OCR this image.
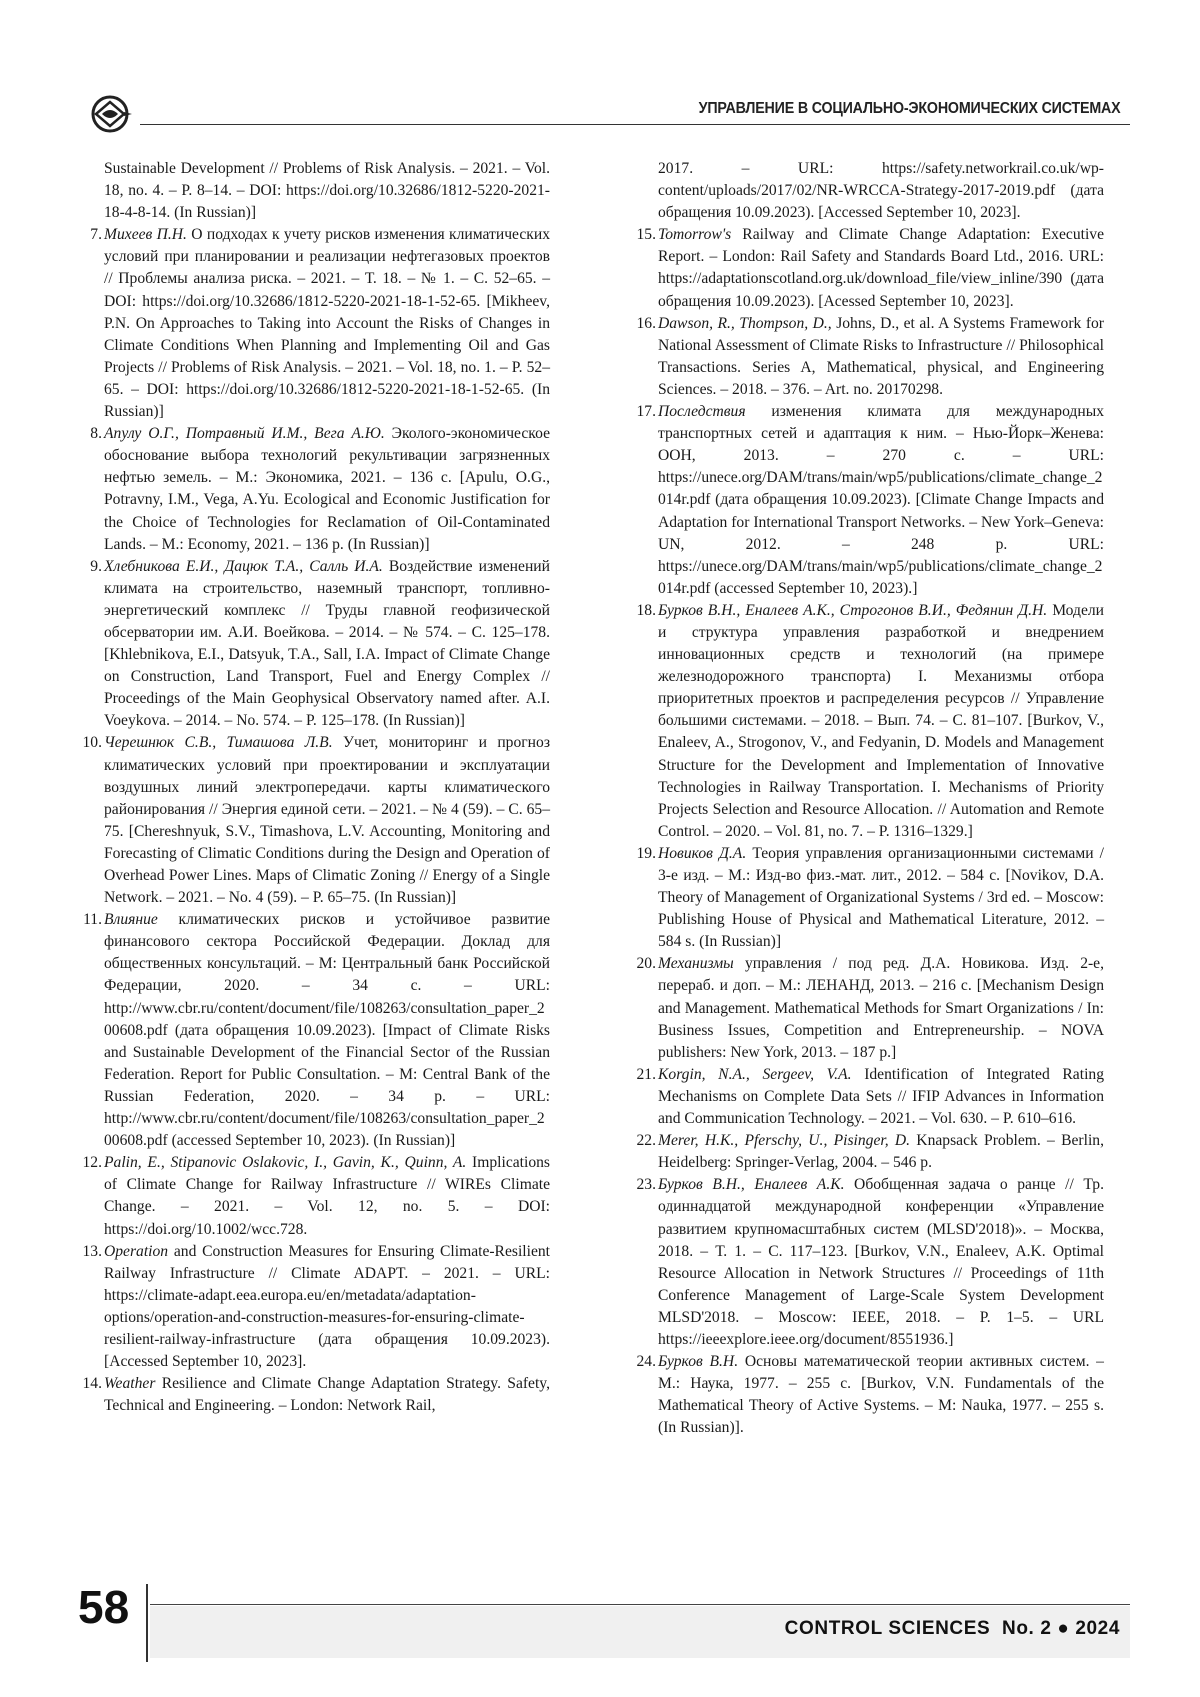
УПРАВЛЕНИЕ В СОЦИАЛЬНО-ЭКОНОМИЧЕСКИХ СИСТЕМАХ

Sustainable Development // Problems of Risk Analysis. – 2021. – Vol. 18, no. 4. – P. 8–14. – DOI: https://doi.org/10.32686/1812-5220-2021-18-4-8-14. (In Russian)]

7. Михеев П.Н. О подходах к учету рисков изменения климатических условий при планировании и реализации нефтегазовых проектов // Проблемы анализа риска. – 2021. – Т. 18. – № 1. – С. 52–65. – DOI: https://doi.org/10.32686/1812-5220-2021-18-1-52-65. [Mikheev, P.N. On Approaches to Taking into Account the Risks of Changes in Climate Conditions When Planning and Implementing Oil and Gas Projects // Problems of Risk Analysis. – 2021. – Vol. 18, no. 1. – P. 52–65. – DOI: https://doi.org/10.32686/1812-5220-2021-18-1-52-65. (In Russian)]

8. Апулу О.Г., Потравный И.М., Вега А.Ю. Эколого-экономическое обоснование выбора технологий рекультивации загрязненных нефтью земель. – М.: Экономика, 2021. – 136 с. [Apulu, O.G., Potravny, I.M., Vega, A.Yu. Ecological and Economic Justification for the Choice of Technologies for Reclamation of Oil-Contaminated Lands. – M.: Economy, 2021. – 136 p. (In Russian)]

9. Хлебникова Е.И., Дацюк Т.А., Салль И.А. Воздействие изменений климата на строительство, наземный транспорт, топливно-энергетический комплекс // Труды главной геофизической обсерватории им. А.И. Воейкова. – 2014. – № 574. – С. 125–178. [Khlebnikova, E.I., Datsyuk, T.A., Sall, I.A. Impact of Climate Change on Construction, Land Transport, Fuel and Energy Complex // Proceedings of the Main Geophysical Observatory named after. A.I. Voeykova. – 2014. – No. 574. – P. 125–178. (In Russian)]

10. Черешнюк С.В., Тимашова Л.В. Учет, мониторинг и прогноз климатических условий при проектировании и эксплуатации воздушных линий электропередачи. карты климатического районирования // Энергия единой сети. – 2021. – № 4 (59). – С. 65–75. [Chereshnyuk, S.V., Timashova, L.V. Accounting, Monitoring and Forecasting of Climatic Conditions during the Design and Operation of Overhead Power Lines. Maps of Climatic Zoning // Energy of a Single Network. – 2021. – No. 4 (59). – P. 65–75. (In Russian)]

11. Влияние климатических рисков и устойчивое развитие финансового сектора Российской Федерации. Доклад для общественных консультаций. – М: Центральный банк Российской Федерации, 2020. – 34 с. – URL: http://www.cbr.ru/content/document/file/108263/consultation_paper_200608.pdf (дата обращения 10.09.2023). [Impact of Climate Risks and Sustainable Development of the Financial Sector of the Russian Federation. Report for Public Consultation. – M: Central Bank of the Russian Federation, 2020. – 34 p. – URL: http://www.cbr.ru/content/document/file/108263/consultation_paper_200608.pdf (accessed September 10, 2023). (In Russian)]

12. Palin, E., Stipanovic Oslakovic, I., Gavin, K., Quinn, A. Implications of Climate Change for Railway Infrastructure // WIREs Climate Change. – 2021. – Vol. 12, no. 5. – DOI: https://doi.org/10.1002/wcc.728.

13. Operation and Construction Measures for Ensuring Climate-Resilient Railway Infrastructure // Climate ADAPT. – 2021. – URL: https://climate-adapt.eea.europa.eu/en/metadata/adaptation-options/operation-and-construction-measures-for-ensuring-climate-resilient-railway-infrastructure (дата обращения 10.09.2023). [Accessed September 10, 2023].

14. Weather Resilience and Climate Change Adaptation Strategy. Safety, Technical and Engineering. – London: Network Rail,

2017. – URL: https://safety.networkrail.co.uk/wp-content/uploads/2017/02/NR-WRCCA-Strategy-2017-2019.pdf (дата обращения 10.09.2023). [Accessed September 10, 2023].

15. Tomorrow's Railway and Climate Change Adaptation: Executive Report. – London: Rail Safety and Standards Board Ltd., 2016. URL: https://adaptationscotland.org.uk/download_file/view_inline/390 (дата обращения 10.09.2023). [Acessed September 10, 2023].

16. Dawson, R., Thompson, D., Johns, D., et al. A Systems Framework for National Assessment of Climate Risks to Infrastructure // Philosophical Transactions. Series A, Mathematical, physical, and Engineering Sciences. – 2018. – 376. – Art. no. 20170298.

17. Последствия изменения климата для международных транспортных сетей и адаптация к ним. – Нью-Йорк–Женева: ООН, 2013. – 270 с. – URL: https://unece.org/DAM/trans/main/wp5/publications/climate_change_2014r.pdf (дата обращения 10.09.2023). [Climate Change Impacts and Adaptation for International Transport Networks. – New York–Geneva: UN, 2012. – 248 p. URL: https://unece.org/DAM/trans/main/wp5/publications/climate_change_2014r.pdf (accessed September 10, 2023).]

18. Бурков В.Н., Еналеев А.К., Строгонов В.И., Федянин Д.Н. Модели и структура управления разработкой и внедрением инновационных средств и технологий (на примере железнодорожного транспорта) I. Механизмы отбора приоритетных проектов и распределения ресурсов // Управление большими системами. – 2018. – Вып. 74. – С. 81–107. [Burkov, V., Enaleev, A., Strogonov, V., and Fedyanin, D. Models and Management Structure for the Development and Implementation of Innovative Technologies in Railway Transportation. I. Mechanisms of Priority Projects Selection and Resource Allocation. // Automation and Remote Control. – 2020. – Vol. 81, no. 7. – P. 1316–1329.]

19. Новиков Д.А. Теория управления организационными системами / 3-е изд. – М.: Изд-во физ.-мат. лит., 2012. – 584 с. [Novikov, D.A. Theory of Management of Organizational Systems / 3rd ed. – Moscow: Publishing House of Physical and Mathematical Literature, 2012. – 584 s. (In Russian)]

20. Механизмы управления / под ред. Д.А. Новикова. Изд. 2-е, перераб. и доп. – М.: ЛЕНАНД, 2013. – 216 с. [Mechanism Design and Management. Mathematical Methods for Smart Organizations / In: Business Issues, Competition and Entrepreneurship. – NOVA publishers: New York, 2013. – 187 p.]

21. Korgin, N.A., Sergeev, V.A. Identification of Integrated Rating Mechanisms on Complete Data Sets // IFIP Advances in Information and Communication Technology. – 2021. – Vol. 630. – P. 610–616.

22. Merer, H.K., Pferschy, U., Pisinger, D. Knapsack Problem. – Berlin, Heidelberg: Springer-Verlag, 2004. – 546 p.

23. Бурков В.Н., Еналеев А.К. Обобщенная задача о ранце // Тр. одиннадцатой международной конференции «Управление развитием крупномасштабных систем (MLSD'2018)». – Москва, 2018. – Т. 1. – С. 117–123. [Burkov, V.N., Enaleev, A.K. Optimal Resource Allocation in Network Structures // Proceedings of 11th Conference Management of Large-Scale System Development MLSD'2018. – Moscow: IEEE, 2018. – P. 1–5. – URL https://ieeexplore.ieee.org/document/8551936.]

24. Бурков В.Н. Основы математической теории активных систем. – М.: Наука, 1977. – 255 с. [Burkov, V.N. Fundamentals of the Mathematical Theory of Active Systems. – M: Nauka, 1977. – 255 s. (In Russian)].

58	CONTROL SCIENCES  No. 2 ● 2024
